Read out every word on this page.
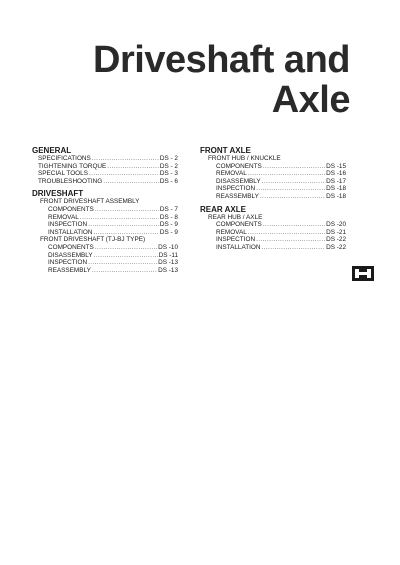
Driveshaft and
Axle
GENERAL
SPECIFICATIONS .....	DS - 2
TIGHTENING TORQUE .....	DS - 2
SPECIAL TOOLS .....	DS - 3
TROUBLESHOOTING .....	DS - 6
DRIVESHAFT
FRONT DRIVESHAFT ASSEMBLY
COMPONENTS .....	DS - 7
REMOVAL .....	DS - 8
INSPECTION .....	DS - 9
INSTALLATION .....	DS - 9
FRONT DRIVESHAFT (TJ-BJ TYPE)
COMPONENTS .....	DS -10
DISASSEMBLY .....	DS -11
INSPECTION .....	DS -13
REASSEMBLY .....	DS -13
FRONT AXLE
FRONT HUB / KNUCKLE
COMPONENTS .....	DS -15
REMOVAL .....	DS -16
DISASSEMBLY .....	DS -17
INSPECTION .....	DS -18
REASSEMBLY .....	DS -18
REAR AXLE
REAR HUB / AXLE
COMPONENTS .....	DS -20
REMOVAL .....	DS -21
INSPECTION .....	DS -22
INSTALLATION .....	DS -22
